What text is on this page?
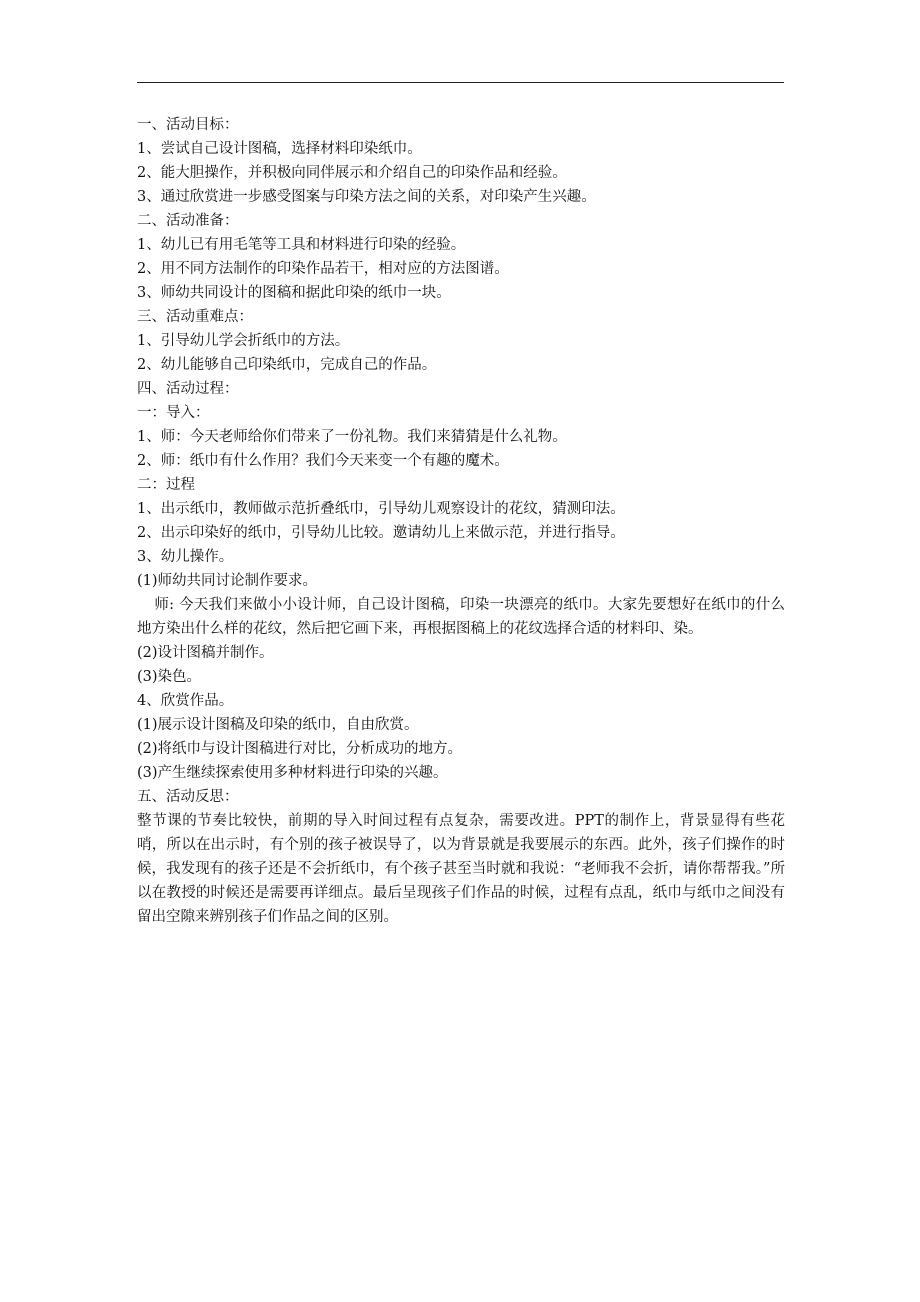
一、活动目标：
1、尝试自己设计图稿，选择材料印染纸巾。
2、能大胆操作，并积极向同伴展示和介绍自己的印染作品和经验。
3、通过欣赏进一步感受图案与印染方法之间的关系，对印染产生兴趣。
二、活动准备：
1、幼儿已有用毛笔等工具和材料进行印染的经验。
2、用不同方法制作的印染作品若干，相对应的方法图谱。
3、师幼共同设计的图稿和据此印染的纸巾一块。
三、活动重难点：
1、引导幼儿学会折纸巾的方法。
2、幼儿能够自己印染纸巾，完成自己的作品。
四、活动过程：
一：导入：
1、师：今天老师给你们带来了一份礼物。我们来猜猜是什么礼物。
2、师：纸巾有什么作用？我们今天来变一个有趣的魔术。
二：过程
1、出示纸巾，教师做示范折叠纸巾，引导幼儿观察设计的花纹，猜测印法。
2、出示印染好的纸巾，引导幼儿比较。邀请幼儿上来做示范，并进行指导。
3、幼儿操作。
(1)师幼共同讨论制作要求。
师: 今天我们来做小小设计师，自己设计图稿，印染一块漂亮的纸巾。大家先要想好在纸巾的什么地方染出什么样的花纹，然后把它画下来，再根据图稿上的花纹选择合适的材料印、染。
(2)设计图稿并制作。
(3)染色。
4、欣赏作品。
(1)展示设计图稿及印染的纸巾，自由欣赏。
(2)将纸巾与设计图稿进行对比，分析成功的地方。
(3)产生继续探索使用多种材料进行印染的兴趣。
五、活动反思：
整节课的节奏比较快，前期的导入时间过程有点复杂，需要改进。PPT的制作上，背景显得有些花哨，所以在出示时，有个别的孩子被误导了，以为背景就是我要展示的东西。此外，孩子们操作的时候，我发现有的孩子还是不会折纸巾，有个孩子甚至当时就和我说：“老师我不会折，请你帮帮我。”所以在教授的时候还是需要再详细点。最后呈现孩子们作品的时候，过程有点乱，纸巾与纸巾之间没有留出空隙来辨别孩子们作品之间的区别。
